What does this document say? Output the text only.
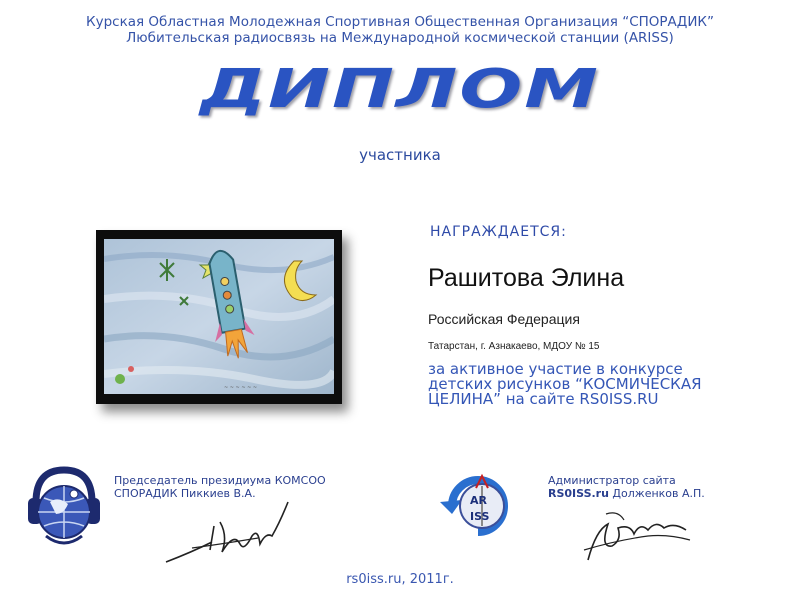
Курская Областная Молодежная Спортивная Общественная Организация “СПОРАДИК”
Любительская радиосвязь на Международной космической станции (ARISS)
ДИПЛОМ
участника
~ ~ ~ ~ ~ ~
НАГРАЖДАЕТСЯ:
Рашитова Элина
Российская Федерация
Татарстан, г. Азнакаево, МДОУ № 15
за активное участие в конкурсе
детских рисунков “КОСМИЧЕСКАЯ
ЦЕЛИНА” на сайте RS0ISS.RU
Председатель президиума КОМСОО
СПОРАДИК Пиккиев В.А.
AR
ISS
Администратор сайта
RS0ISS.ru Долженков А.П.
rs0iss.ru, 2011г.
